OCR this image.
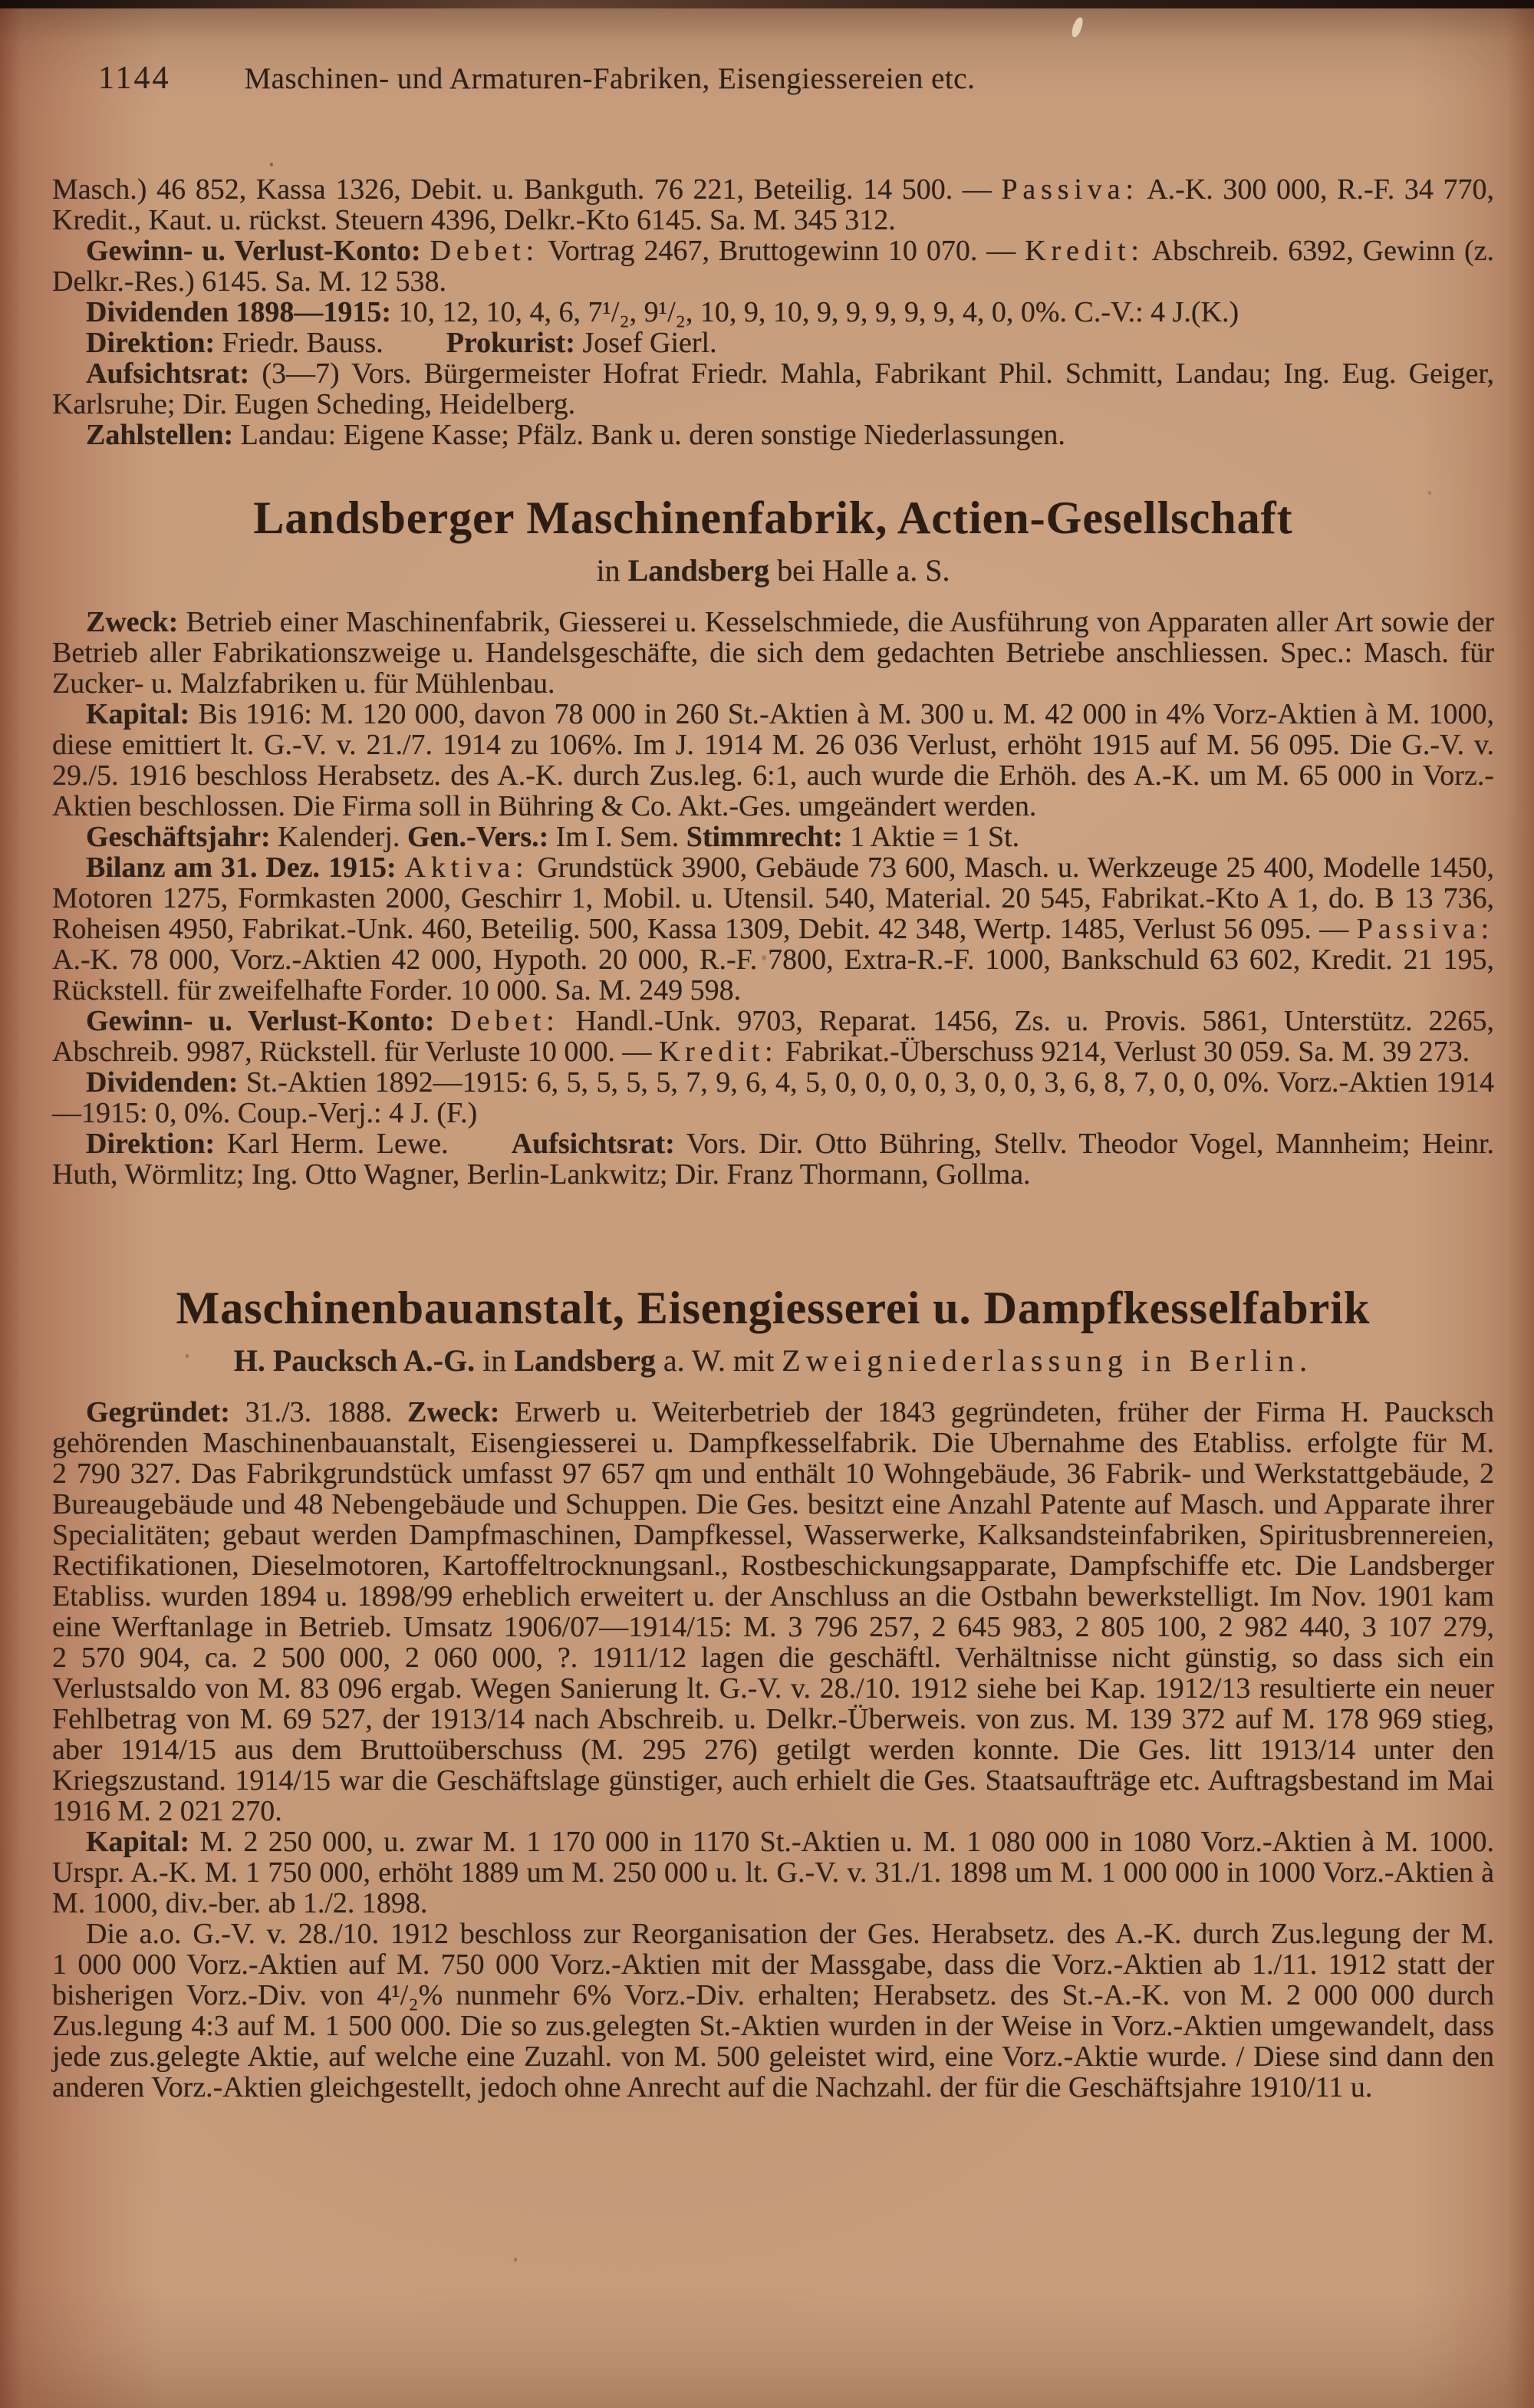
1144 Maschinen- und Armaturen-Fabriken, Eisengiessereien etc.

Masch.) 46 852, Kassa 1326, Debit. u. Bankguth. 76 221, Beteilig. 14 500. — Passiva: A.-K. 300 000, R.-F. 34 770, Kredit., Kaut. u. rückst. Steuern 4396, Delkr.-Kto 6145. Sa. M. 345 312.

Gewinn- u. Verlust-Konto: Debet: Vortrag 2467, Bruttogewinn 10 070. — Kredit: Abschreib. 6392, Gewinn (z. Delkr.-Res.) 6145. Sa. M. 12 538.

Dividenden 1898—1915: 10, 12, 10, 4, 6, 7¹/₂, 9¹/₂, 10, 9, 10, 9, 9, 9, 9, 9, 4, 0, 0%. C.-V.: 4 J.(K.)

Direktion: Friedr. Bauss. Prokurist: Josef Gierl.

Aufsichtsrat: (3—7) Vors. Bürgermeister Hofrat Friedr. Mahla, Fabrikant Phil. Schmitt, Landau; Ing. Eug. Geiger, Karlsruhe; Dir. Eugen Scheding, Heidelberg.

Zahlstellen: Landau: Eigene Kasse; Pfälz. Bank u. deren sonstige Niederlassungen.

Landsberger Maschinenfabrik, Actien-Gesellschaft

in Landsberg bei Halle a. S.

Zweck: Betrieb einer Maschinenfabrik, Giesserei u. Kesselschmiede, die Ausführung von Apparaten aller Art sowie der Betrieb aller Fabrikationszweige u. Handelsgeschäfte, die sich dem gedachten Betriebe anschliessen. Spec.: Masch. für Zucker- u. Malzfabriken u. für Mühlenbau.

Kapital: Bis 1916: M. 120 000, davon 78 000 in 260 St.-Aktien à M. 300 u. M. 42 000 in 4% Vorz-Aktien à M. 1000, diese emittiert lt. G.-V. v. 21./7. 1914 zu 106%. Im J. 1914 M. 26 036 Verlust, erhöht 1915 auf M. 56 095. Die G.-V. v. 29./5. 1916 beschloss Herabsetz. des A.-K. durch Zus.leg. 6:1, auch wurde die Erhöh. des A.-K. um M. 65 000 in Vorz.-Aktien beschlossen. Die Firma soll in Bühring & Co. Akt.-Ges. umgeändert werden.

Geschäftsjahr: Kalenderj. Gen.-Vers.: Im I. Sem. Stimmrecht: 1 Aktie = 1 St.

Bilanz am 31. Dez. 1915: Aktiva: Grundstück 3900, Gebäude 73 600, Masch. u. Werkzeuge 25 400, Modelle 1450, Motoren 1275, Formkasten 2000, Geschirr 1, Mobil. u. Utensil. 540, Material. 20 545, Fabrikat.-Kto A 1, do. B 13 736, Roheisen 4950, Fabrikat.-Unk. 460, Beteilig. 500, Kassa 1309, Debit. 42 348, Wertp. 1485, Verlust 56 095. — Passiva: A.-K. 78 000, Vorz.-Aktien 42 000, Hypoth. 20 000, R.-F. 7800, Extra-R.-F. 1000, Bankschuld 63 602, Kredit. 21 195, Rückstell. für zweifelhafte Forder. 10 000. Sa. M. 249 598.

Gewinn- u. Verlust-Konto: Debet: Handl.-Unk. 9703, Reparat. 1456, Zs. u. Provis. 5861, Unterstütz. 2265, Abschreib. 9987, Rückstell. für Verluste 10 000. — Kredit: Fabrikat.-Überschuss 9214, Verlust 30 059. Sa. M. 39 273.

Dividenden: St.-Aktien 1892—1915: 6, 5, 5, 5, 5, 7, 9, 6, 4, 5, 0, 0, 0, 0, 3, 0, 0, 3, 6, 8, 7, 0, 0, 0%. Vorz.-Aktien 1914—1915: 0, 0%. Coup.-Verj.: 4 J. (F.)

Direktion: Karl Herm. Lewe. Aufsichtsrat: Vors. Dir. Otto Bühring, Stellv. Theodor Vogel, Mannheim; Heinr. Huth, Wörmlitz; Ing. Otto Wagner, Berlin-Lankwitz; Dir. Franz Thormann, Gollma.

Maschinenbauanstalt, Eisengiesserei u. Dampfkesselfabrik

H. Paucksch A.-G. in Landsberg a. W. mit Zweigniederlassung in Berlin.

Gegründet: 31./3. 1888. Zweck: Erwerb u. Weiterbetrieb der 1843 gegründeten, früher der Firma H. Paucksch gehörenden Maschinenbauanstalt, Eisengiesserei u. Dampfkesselfabrik. Die Ubernahme des Etabliss. erfolgte für M. 2 790 327. Das Fabrikgrundstück umfasst 97 657 qm und enthält 10 Wohngebäude, 36 Fabrik- und Werkstattgebäude, 2 Bureaugebäude und 48 Nebengebäude und Schuppen. Die Ges. besitzt eine Anzahl Patente auf Masch. und Apparate ihrer Specialitäten; gebaut werden Dampfmaschinen, Dampfkessel, Wasserwerke, Kalksandsteinfabriken, Spiritusbrennereien, Rectifikationen, Dieselmotoren, Kartoffeltrocknungsanl., Rostbeschickungsapparate, Dampfschiffe etc. Die Landsberger Etabliss. wurden 1894 u. 1898/99 erheblich erweitert u. der Anschluss an die Ostbahn bewerkstelligt. Im Nov. 1901 kam eine Werftanlage in Betrieb. Umsatz 1906/07—1914/15: M. 3 796 257, 2 645 983, 2 805 100, 2 982 440, 3 107 279, 2 570 904, ca. 2 500 000, 2 060 000, ?. 1911/12 lagen die geschäftl. Verhältnisse nicht günstig, so dass sich ein Verlustsaldo von M. 83 096 ergab. Wegen Sanierung lt. G.-V. v. 28./10. 1912 siehe bei Kap. 1912/13 resultierte ein neuer Fehlbetrag von M. 69 527, der 1913/14 nach Abschreib. u. Delkr.-Überweis. von zus. M. 139 372 auf M. 178 969 stieg, aber 1914/15 aus dem Bruttoüberschuss (M. 295 276) getilgt werden konnte. Die Ges. litt 1913/14 unter den Kriegszustand. 1914/15 war die Geschäftslage günstiger, auch erhielt die Ges. Staatsaufträge etc. Auftragsbestand im Mai 1916 M. 2 021 270.

Kapital: M. 2 250 000, u. zwar M. 1 170 000 in 1170 St.-Aktien u. M. 1 080 000 in 1080 Vorz.-Aktien à M. 1000. Urspr. A.-K. M. 1 750 000, erhöht 1889 um M. 250 000 u. lt. G.-V. v. 31./1. 1898 um M. 1 000 000 in 1000 Vorz.-Aktien à M. 1000, div.-ber. ab 1./2. 1898.

Die a.o. G.-V. v. 28./10. 1912 beschloss zur Reorganisation der Ges. Herabsetz. des A.-K. durch Zus.legung der M. 1 000 000 Vorz.-Aktien auf M. 750 000 Vorz.-Aktien mit der Massgabe, dass die Vorz.-Aktien ab 1./11. 1912 statt der bisherigen Vorz.-Div. von 4¹/₂% nunmehr 6% Vorz.-Div. erhalten; Herabsetz. des St.-A.-K. von M. 2 000 000 durch Zus.legung 4:3 auf M. 1 500 000. Die so zus.gelegten St.-Aktien wurden in der Weise in Vorz.-Aktien umgewandelt, dass jede zus.gelegte Aktie, auf welche eine Zuzahl. von M. 500 geleistet wird, eine Vorz.-Aktie wurde. / Diese sind dann den anderen Vorz.-Aktien gleichgestellt, jedoch ohne Anrecht auf die Nachzahl. der für die Geschäftsjahre 1910/11 u.
